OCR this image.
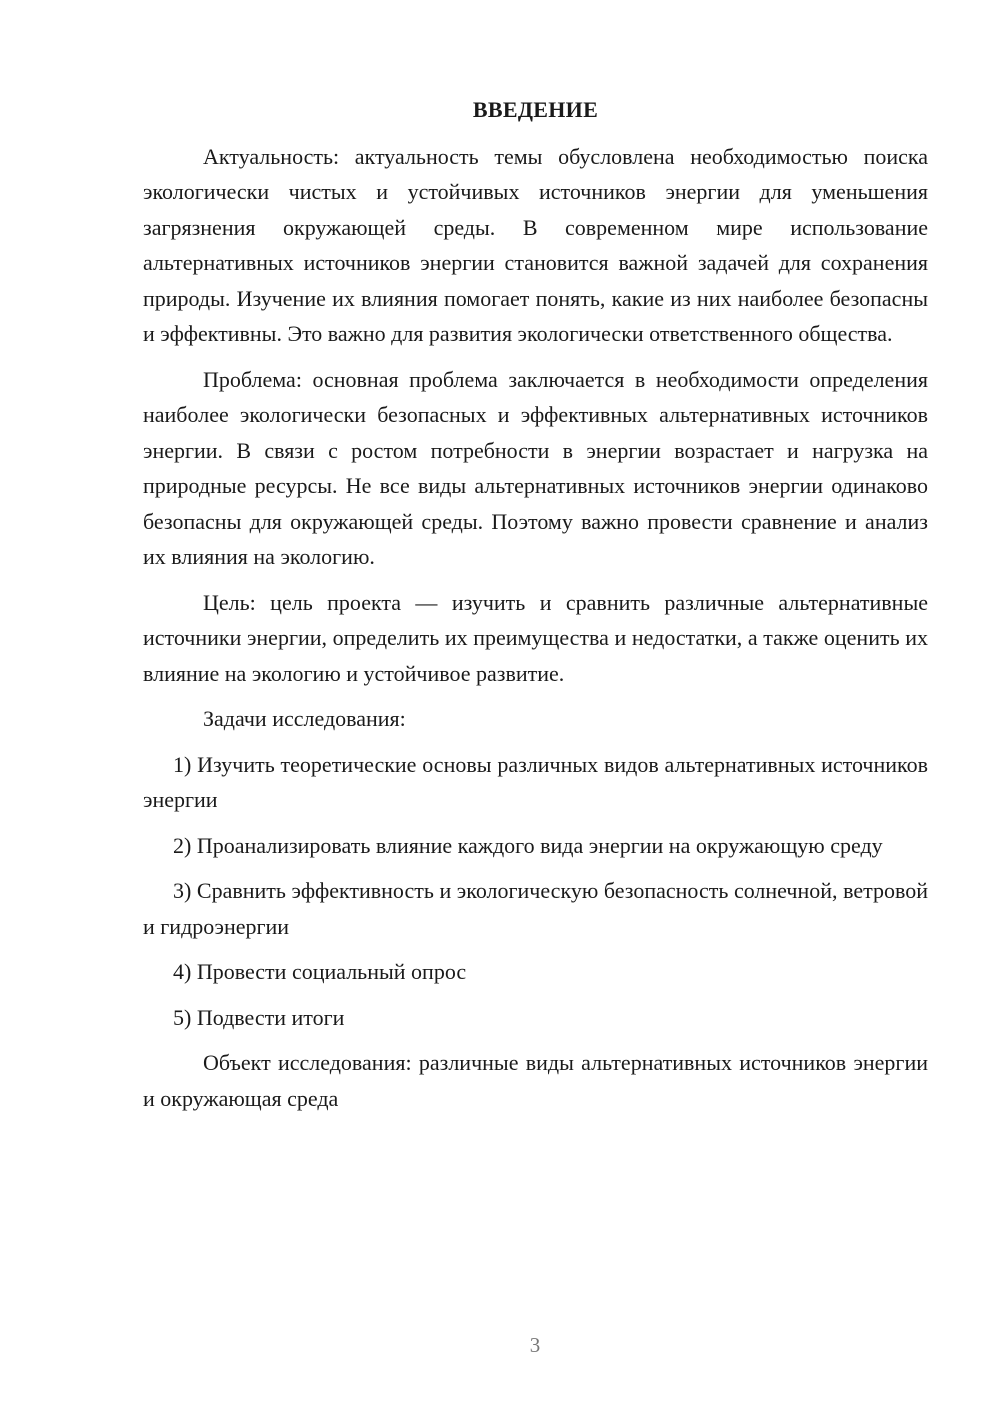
ВВЕДЕНИЕ

Актуальность: актуальность темы обусловлена необходимостью поиска экологически чистых и устойчивых источников энергии для уменьшения загрязнения окружающей среды. В современном мире использование альтернативных источников энергии становится важной задачей для сохранения природы. Изучение их влияния помогает понять, какие из них наиболее безопасны и эффективны. Это важно для развития экологически ответственного общества.

Проблема: основная проблема заключается в необходимости определения наиболее экологически безопасных и эффективных альтернативных источников энергии. В связи с ростом потребности в энергии возрастает и нагрузка на природные ресурсы. Не все виды альтернативных источников энергии одинаково безопасны для окружающей среды. Поэтому важно провести сравнение и анализ их влияния на экологию.

Цель: цель проекта — изучить и сравнить различные альтернативные источники энергии, определить их преимущества и недостатки, а также оценить их влияние на экологию и устойчивое развитие.

Задачи исследования:

1) Изучить теоретические основы различных видов альтернативных источников энергии

2) Проанализировать влияние каждого вида энергии на окружающую среду

3) Сравнить эффективность и экологическую безопасность солнечной, ветровой и гидроэнергии

4) Провести социальный опрос

5) Подвести итоги

Объект исследования: различные виды альтернативных источников энергии и окружающая среда

3
